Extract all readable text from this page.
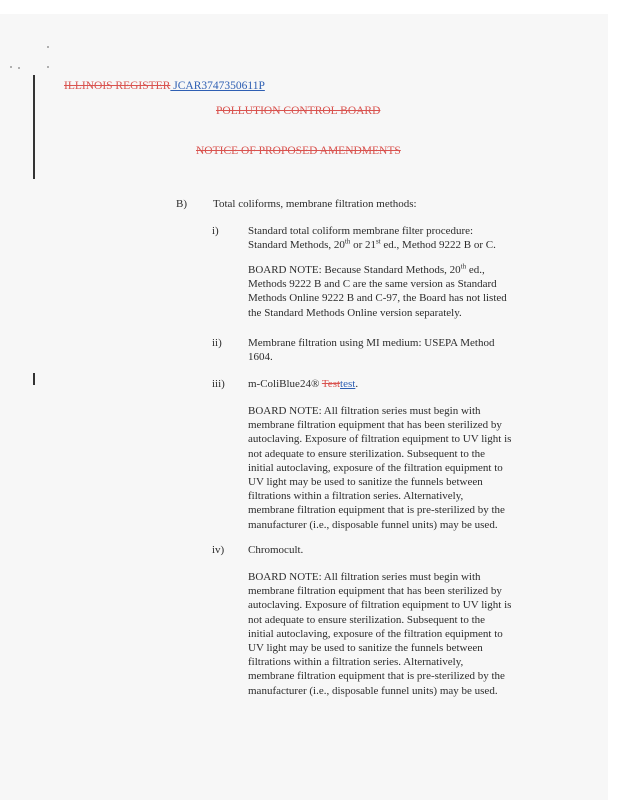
ILLINOIS REGISTER JCAR3747350611P
POLLUTION CONTROL BOARD
NOTICE OF PROPOSED AMENDMENTS
B) Total coliforms, membrane filtration methods:
i)	Standard total coliform membrane filter procedure:
Standard Methods, 20th or 21st ed., Method 9222 B or C.
BOARD NOTE: Because Standard Methods, 20th ed.,
Methods 9222 B and C are the same version as Standard
Methods Online 9222 B and C-97, the Board has not listed
the Standard Methods Online version separately.
ii) Membrane filtration using MI medium: USEPA Method
1604.
iii) m-ColiBlue24® Testtest.
BOARD NOTE: All filtration series must begin with
membrane filtration equipment that has been sterilized by
autoclaving. Exposure of filtration equipment to UV light is
not adequate to ensure sterilization. Subsequent to the
initial autoclaving, exposure of the filtration equipment to
UV light may be used to sanitize the funnels between
filtrations within a filtration series. Alternatively,
membrane filtration equipment that is pre-sterilized by the
manufacturer (i.e., disposable funnel units) may be used.
iv) Chromocult.
BOARD NOTE: All filtration series must begin with
membrane filtration equipment that has been sterilized by
autoclaving. Exposure of filtration equipment to UV light is
not adequate to ensure sterilization. Subsequent to the
initial autoclaving, exposure of the filtration equipment to
UV light may be used to sanitize the funnels between
filtrations within a filtration series. Alternatively,
membrane filtration equipment that is pre-sterilized by the
manufacturer (i.e., disposable funnel units) may be used.
